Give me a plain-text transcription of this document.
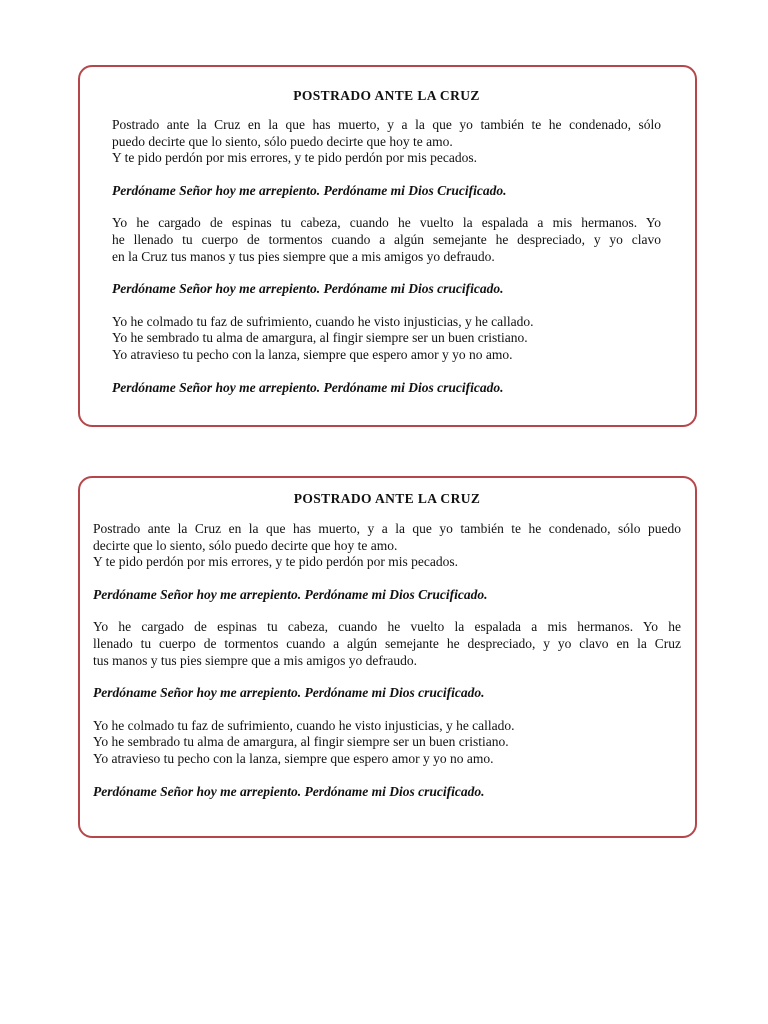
POSTRADO ANTE LA CRUZ
Postrado ante la Cruz en la que has muerto, y a la que yo también te he condenado, sólo
puedo decirte que lo siento, sólo puedo decirte que hoy te amo.
Y te pido perdón por mis errores, y te pido perdón por mis pecados.
Perdóname Señor hoy me arrepiento. Perdóname mi Dios Crucificado.
Yo he cargado de espinas tu cabeza, cuando he vuelto la espalada a mis hermanos. Yo
he llenado tu cuerpo de tormentos cuando a algún semejante he despreciado, y yo clavo
en la Cruz tus manos y tus pies siempre que a mis amigos yo defraudo.
Perdóname Señor hoy me arrepiento. Perdóname mi Dios crucificado.
Yo he colmado tu faz de sufrimiento, cuando he visto injusticias, y he callado.
Yo he sembrado tu alma de amargura, al fingir siempre ser un buen cristiano.
Yo atravieso tu pecho con la lanza, siempre que espero amor y yo no amo.
Perdóname Señor hoy me arrepiento. Perdóname mi Dios crucificado.
POSTRADO ANTE LA CRUZ
Postrado ante la Cruz en la que has muerto, y a la que yo también te he condenado, sólo puedo
decirte que lo siento, sólo puedo decirte que hoy te amo.
Y te pido perdón por mis errores, y te pido perdón por mis pecados.
Perdóname Señor hoy me arrepiento. Perdóname mi Dios Crucificado.
Yo he cargado de espinas tu cabeza, cuando he vuelto la espalada a mis hermanos. Yo he
llenado tu cuerpo de tormentos cuando a algún semejante he despreciado, y yo clavo en la Cruz
tus manos y tus pies siempre que a mis amigos yo defraudo.
Perdóname Señor hoy me arrepiento. Perdóname mi Dios crucificado.
Yo he colmado tu faz de sufrimiento, cuando he visto injusticias, y he callado.
Yo he sembrado tu alma de amargura, al fingir siempre ser un buen cristiano.
Yo atravieso tu pecho con la lanza, siempre que espero amor y yo no amo.
Perdóname Señor hoy me arrepiento. Perdóname mi Dios crucificado.
